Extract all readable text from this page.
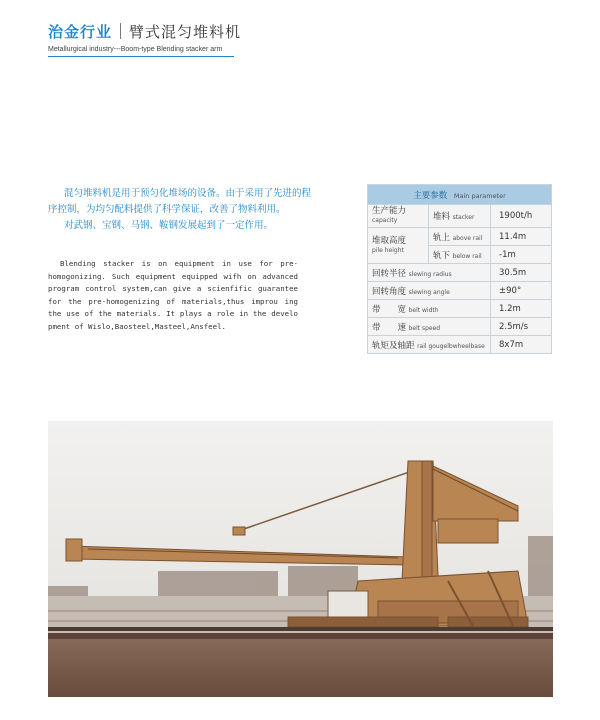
治金行业 臂式混匀堆料机
Metallurgical industry---Boom-type Blending stacker arm

混匀堆料机是用于预匀化堆场的设备。由于采用了先进的程序控制，为均匀配料提供了科学保证，改善了物料利用。

对武钢、宝钢、马钢、鞍钢发展起到了一定作用。

Blending stacker is on equipment in use for pre-homogonizing. Such equipment equipped wifh on advanced program control system,can give a scienfific guarantee for the pre-homogenizing of materials,thus improu ing the use of the materials. It plays a role in the develo pment of Wislo,Baosteel,Masteel,Ansfeel.

主要参数 Main parameter		

生产能力
capacity	堆料 stacker	1900t/h

堆取高度
pile height	轨上 above rail	11.4m
	轨下 below rail	-1m
回转半径 slewing radius		30.5m
回转角度 slewing angle		±90°
带　　宽 belt width		1.2m
带　　速 belt speed		2.5m/s
轨矩及轴距 rail gougelbwheelbase		8x7m
